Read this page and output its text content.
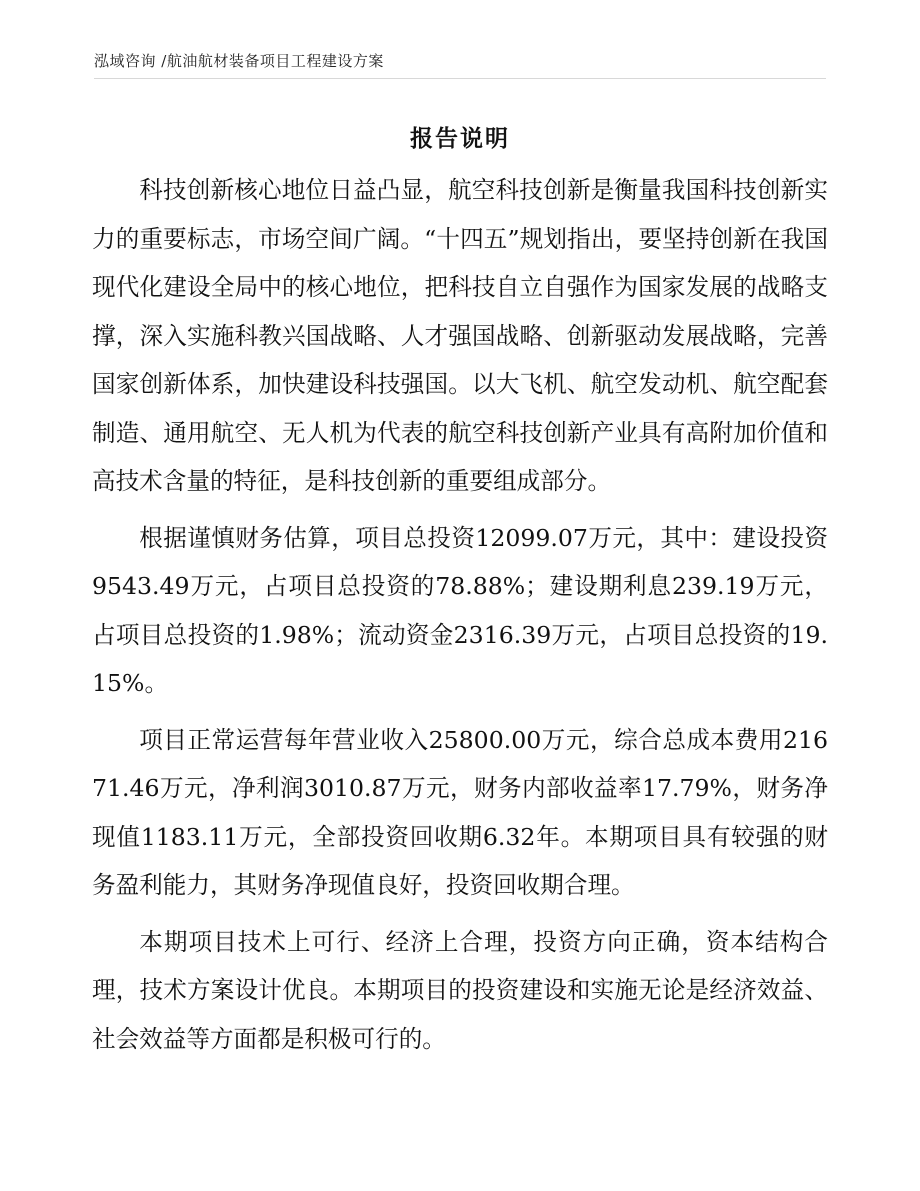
泓域咨询 /航油航材装备项目工程建设方案
报告说明

科技创新核心地位日益凸显，航空科技创新是衡量我国科技创新实力的重要标志，市场空间广阔。“十四五”规划指出，要坚持创新在我国现代化建设全局中的核心地位，把科技自立自强作为国家发展的战略支撑，深入实施科教兴国战略、人才强国战略、创新驱动发展战略，完善国家创新体系，加快建设科技强国。以大飞机、航空发动机、航空配套制造、通用航空、无人机为代表的航空科技创新产业具有高附加价值和高技术含量的特征，是科技创新的重要组成部分。

根据谨慎财务估算，项目总投资12099.07万元，其中：建设投资9543.49万元，占项目总投资的78.88%；建设期利息239.19万元，占项目总投资的1.98%；流动资金2316.39万元，占项目总投资的19.15%。

项目正常运营每年营业收入25800.00万元，综合总成本费用21671.46万元，净利润3010.87万元，财务内部收益率17.79%，财务净现值1183.11万元，全部投资回收期6.32年。本期项目具有较强的财务盈利能力，其财务净现值良好，投资回收期合理。

本期项目技术上可行、经济上合理，投资方向正确，资本结构合理，技术方案设计优良。本期项目的投资建设和实施无论是经济效益、社会效益等方面都是积极可行的。
